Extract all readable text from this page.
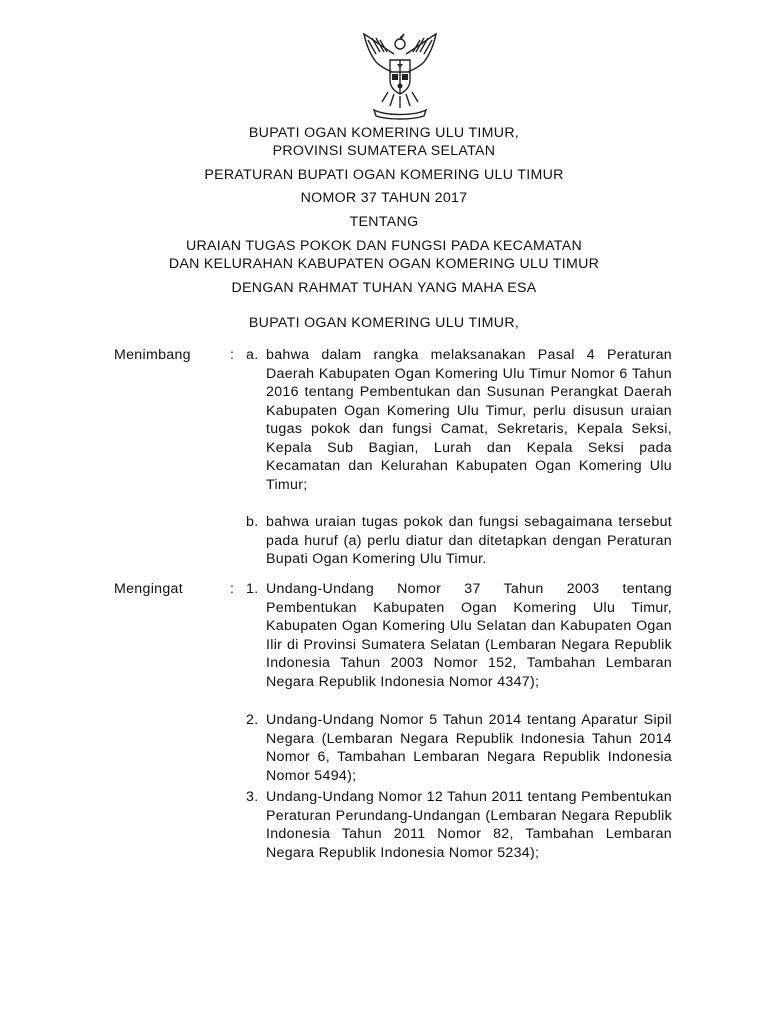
BUPATI OGAN KOMERING ULU TIMUR,
PROVINSI SUMATERA SELATAN
PERATURAN BUPATI OGAN KOMERING ULU TIMUR
NOMOR 37 TAHUN 2017
TENTANG
URAIAN TUGAS POKOK DAN FUNGSI PADA KECAMATAN
DAN KELURAHAN KABUPATEN OGAN KOMERING ULU TIMUR
DENGAN RAHMAT TUHAN YANG MAHA ESA
BUPATI OGAN KOMERING ULU TIMUR,
Menimbang	: a. bahwa dalam rangka melaksanakan Pasal 4 Peraturan Daerah Kabupaten Ogan Komering Ulu Timur Nomor 6 Tahun 2016 tentang Pembentukan dan Susunan Perangkat Daerah Kabupaten Ogan Komering Ulu Timur, perlu disusun uraian tugas pokok dan fungsi Camat, Sekretaris, Kepala Seksi, Kepala Sub Bagian, Lurah dan Kepala Seksi pada Kecamatan dan Kelurahan Kabupaten Ogan Komering Ulu Timur;

b. bahwa uraian tugas pokok dan fungsi sebagaimana tersebut pada huruf (a) perlu diatur dan ditetapkan dengan Peraturan Bupati Ogan Komering Ulu Timur.

Mengingat	: 1. Undang-Undang Nomor 37 Tahun 2003 tentang Pembentukan Kabupaten Ogan Komering Ulu Timur, Kabupaten Ogan Komering Ulu Selatan dan Kabupaten Ogan Ilir di Provinsi Sumatera Selatan (Lembaran Negara Republik Indonesia Tahun 2003 Nomor 152, Tambahan Lembaran Negara Republik Indonesia Nomor 4347);

2. Undang-Undang Nomor 5 Tahun 2014 tentang Aparatur Sipil Negara (Lembaran Negara Republik Indonesia Tahun 2014 Nomor 6, Tambahan Lembaran Negara Republik Indonesia Nomor 5494);

3. Undang-Undang Nomor 12 Tahun 2011 tentang Pembentukan Peraturan Perundang-Undangan (Lembaran Negara Republik Indonesia Tahun 2011 Nomor 82, Tambahan Lembaran Negara Republik Indonesia Nomor 5234);
